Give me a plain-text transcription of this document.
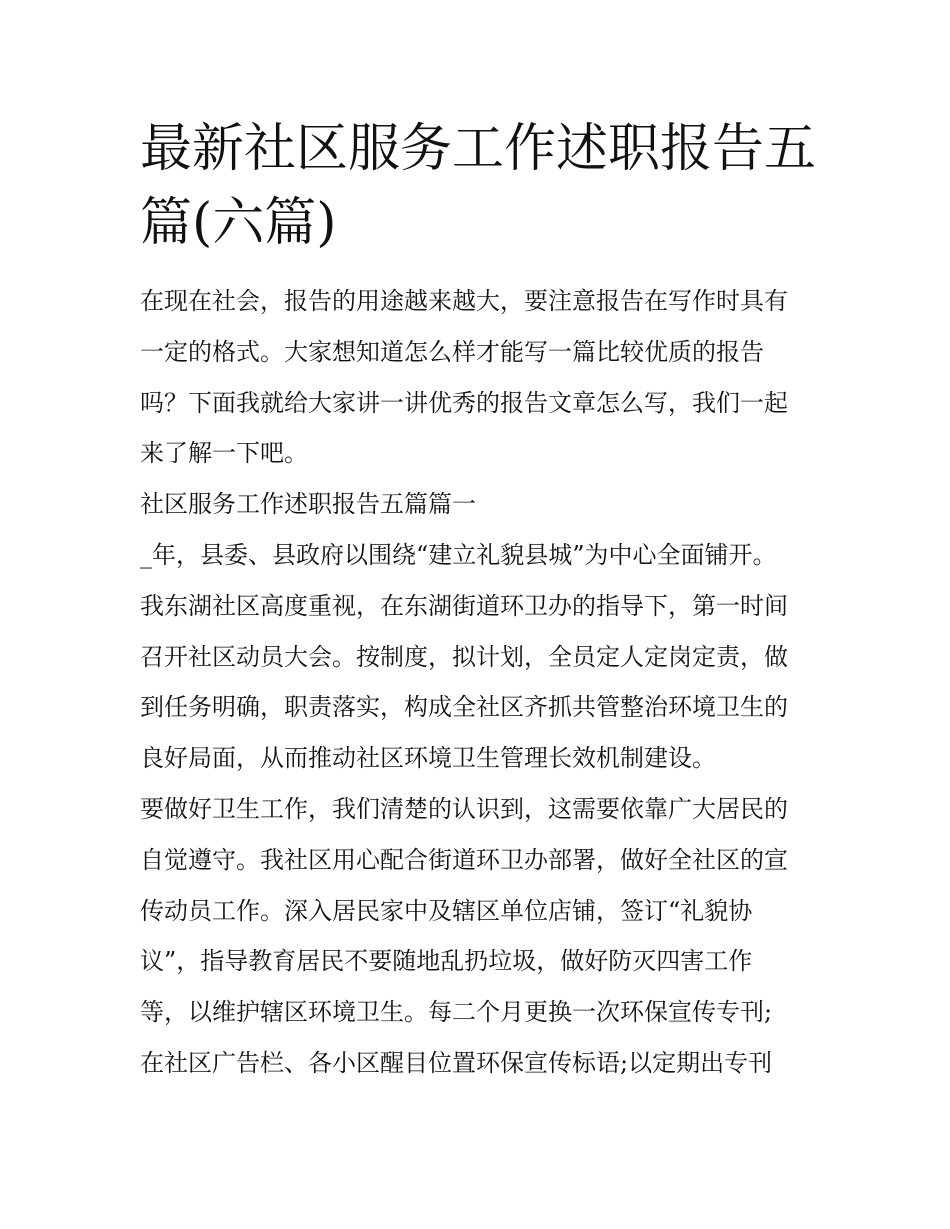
最新社区服务工作述职报告五
篇(六篇)
在现在社会，报告的用途越来越大，要注意报告在写作时具有
一定的格式。大家想知道怎么样才能写一篇比较优质的报告
吗？下面我就给大家讲一讲优秀的报告文章怎么写，我们一起
来了解一下吧。
社区服务工作述职报告五篇篇一
_年，县委、县政府以围绕“建立礼貌县城”为中心全面铺开。
我东湖社区高度重视，在东湖街道环卫办的指导下，第一时间
召开社区动员大会。按制度，拟计划，全员定人定岗定责，做
到任务明确，职责落实，构成全社区齐抓共管整治环境卫生的
良好局面，从而推动社区环境卫生管理长效机制建设。
要做好卫生工作，我们清楚的认识到，这需要依靠广大居民的
自觉遵守。我社区用心配合街道环卫办部署，做好全社区的宣
传动员工作。深入居民家中及辖区单位店铺，签订“礼貌协
议”，指导教育居民不要随地乱扔垃圾，做好防灭四害工作
等，以维护辖区环境卫生。每二个月更换一次环保宣传专刊;
在社区广告栏、各小区醒目位置环保宣传标语;以定期出专刊
